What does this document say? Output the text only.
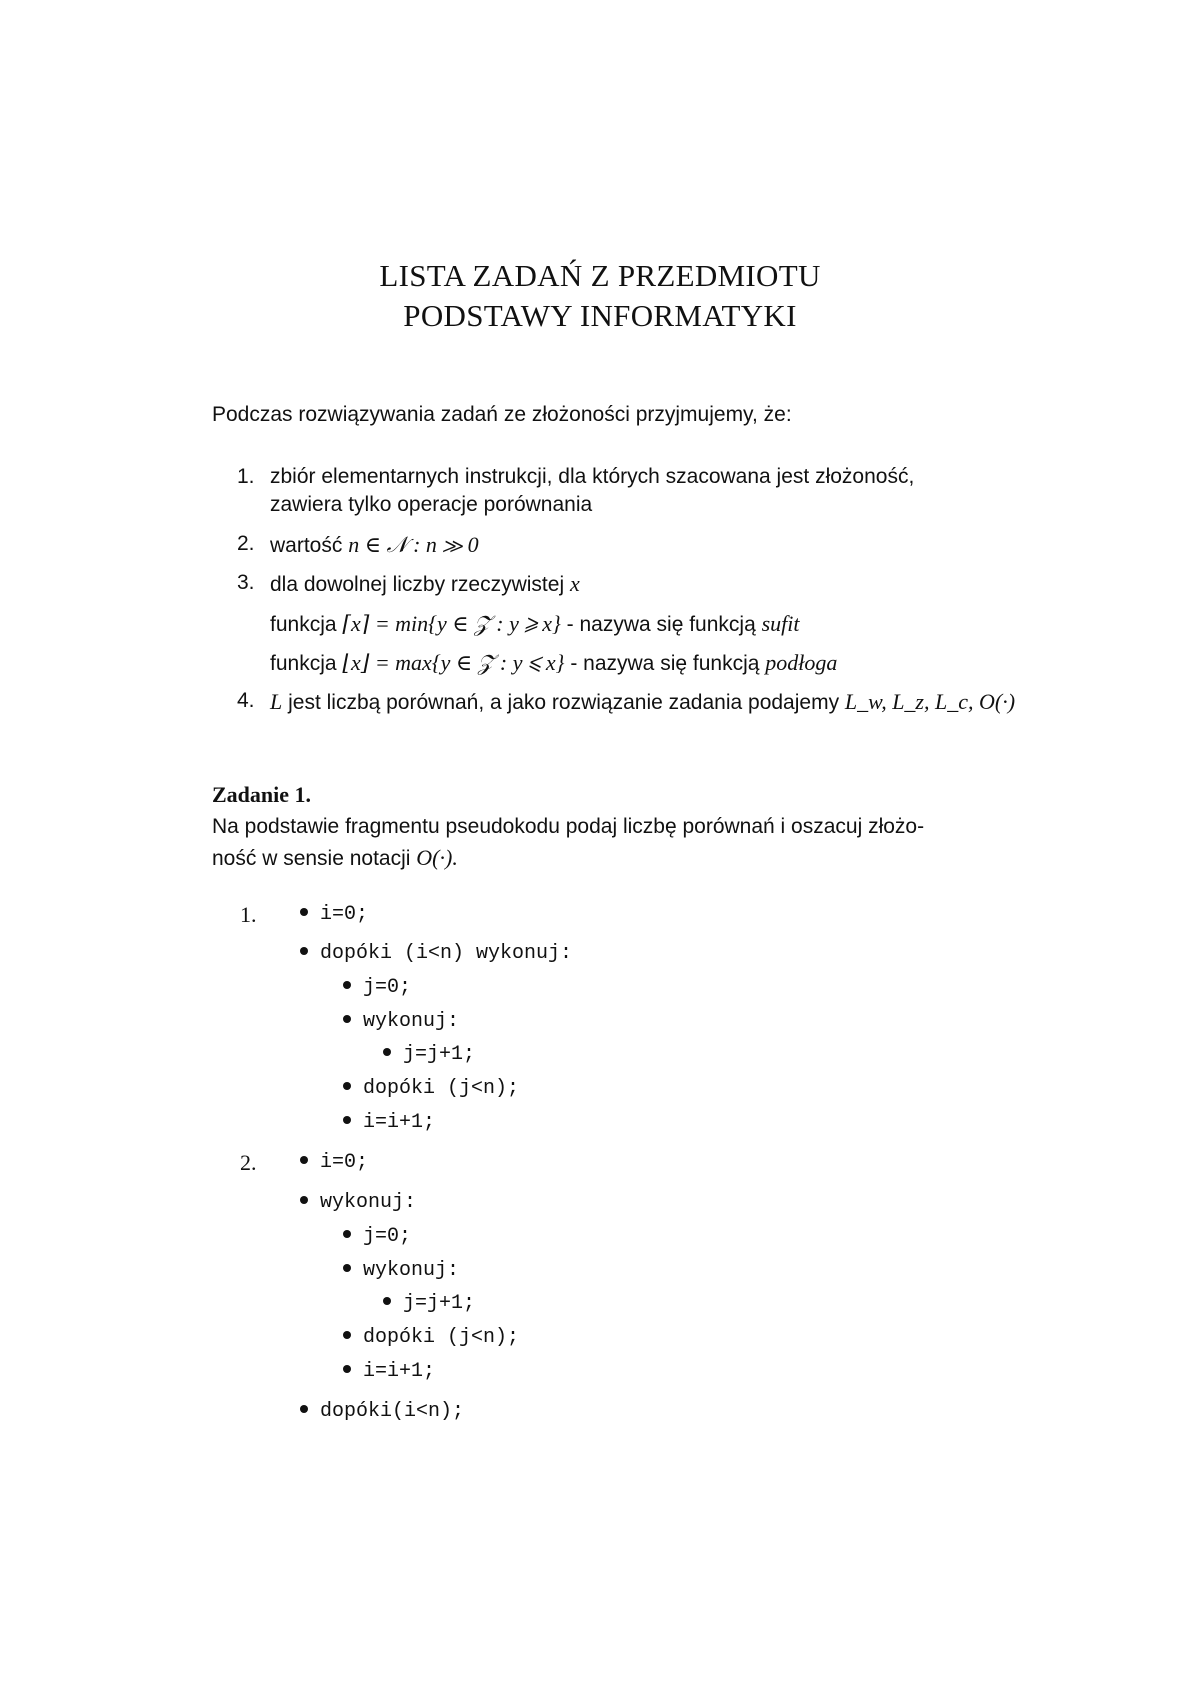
LISTA ZADAŃ Z PRZEDMIOTU
PODSTAWY INFORMATYKI
Podczas rozwiązywania zadań ze złożoności przyjmujemy, że:
1. zbiór elementarnych instrukcji, dla których szacowana jest złożoność,
zawiera tylko operacje porównania
2. wartość n ∈ 𝒩 : n ≫ 0
3. dla dowolnej liczby rzeczywistej x
funkcja ⌈x⌉ = min{y ∈ 𝒵 : y ⩾ x} - nazywa się funkcją sufit
funkcja ⌊x⌋ = max{y ∈ 𝒵 : y ⩽ x} - nazywa się funkcją podłoga
4. L jest liczbą porównań, a jako rozwiązanie zadania podajemy L_w, L_z, L_c, O(·)
Zadanie 1.
Na podstawie fragmentu pseudokodu podaj liczbę porównań i oszacuj złożo-
ność w sensie notacji O(·).
1.	i=0;
dopóki (i<n) wykonuj:
j=0;
wykonuj:
j=j+1;
dopóki (j<n);
i=i+1;
2.	i=0;
wykonuj:
j=0;
wykonuj:
j=j+1;
dopóki (j<n);
i=i+1;
dopóki(i<n);
